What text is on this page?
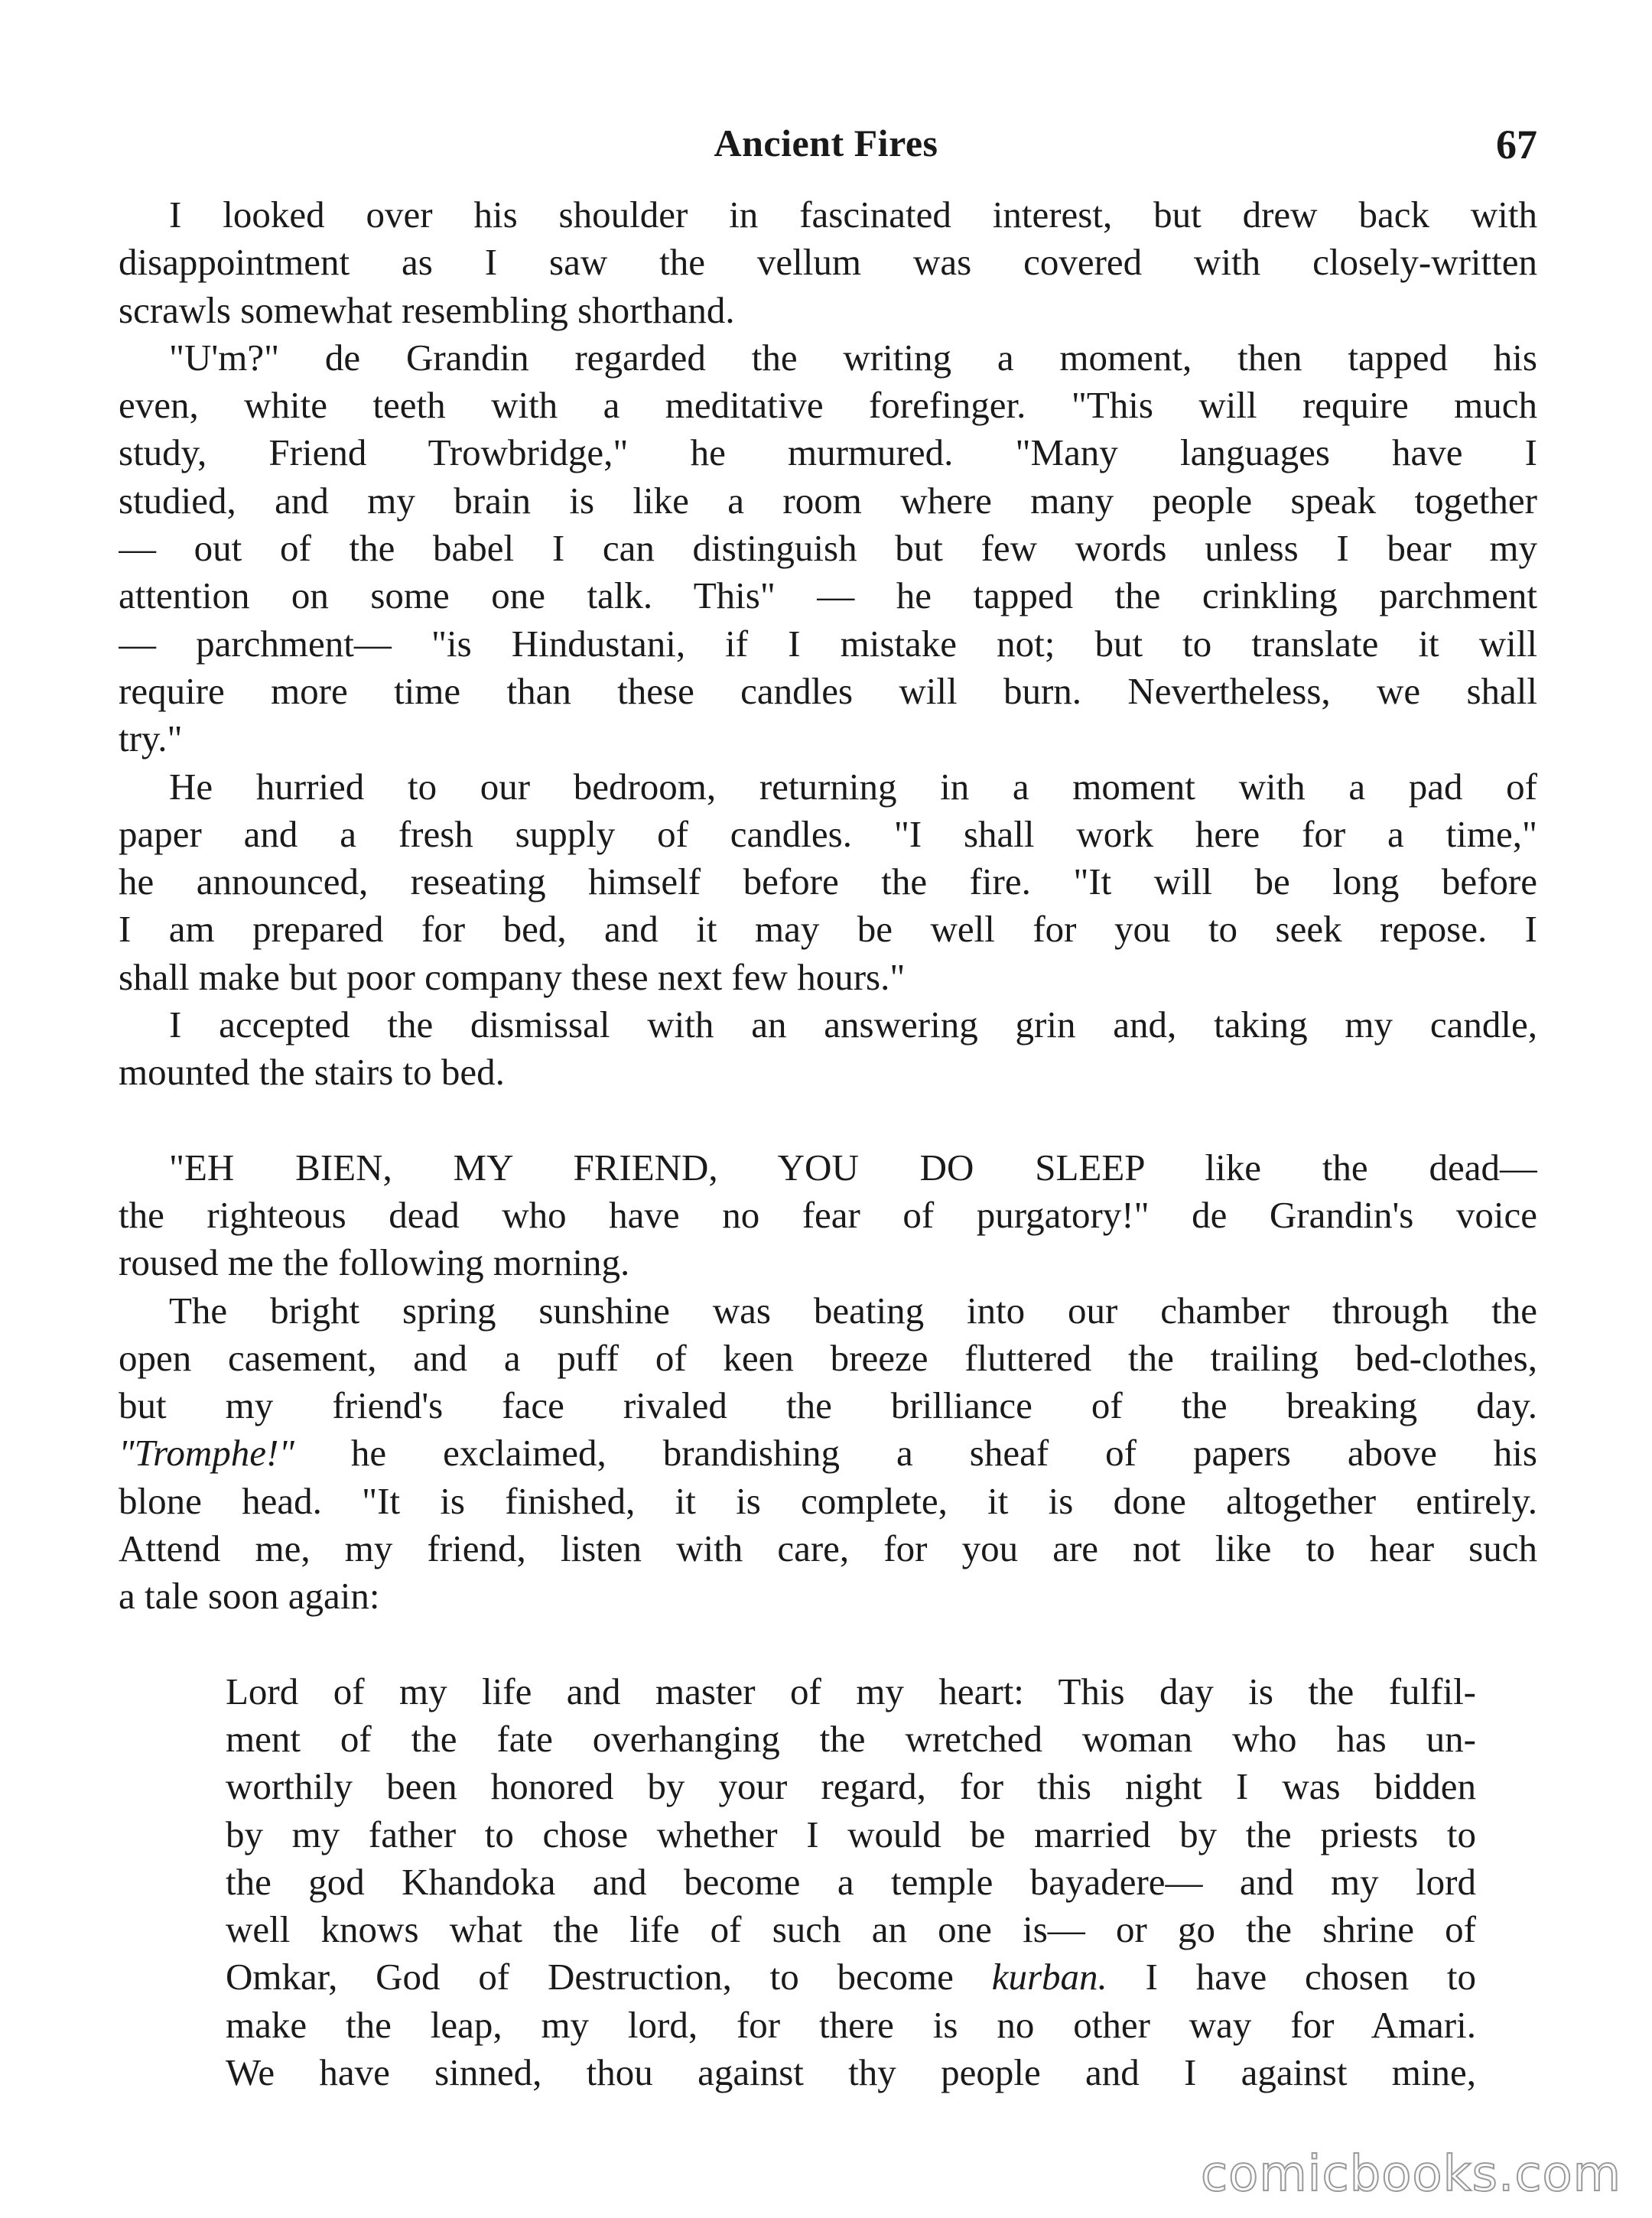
Ancient Fires	67
I looked over his shoulder in fascinated interest, but drew back with
disappointment as I saw the vellum was covered with closely-written
scrawls somewhat resembling shorthand.
"U'm?" de Grandin regarded the writing a moment, then tapped his
even, white teeth with a meditative forefinger. "This will require much
study, Friend Trowbridge," he murmured. "Many languages have I
studied, and my brain is like a room where many people speak together
— out of the babel I can distinguish but few words unless I bear my
attention on some one talk. This" — he tapped the crinkling parchment
— parchment— "is Hindustani, if I mistake not; but to translate it will
require more time than these candles will burn. Nevertheless, we shall
try."
He hurried to our bedroom, returning in a moment with a pad of
paper and a fresh supply of candles. "I shall work here for a time,"
he announced, reseating himself before the fire. "It will be long before
I am prepared for bed, and it may be well for you to seek repose. I
shall make but poor company these next few hours."
I accepted the dismissal with an answering grin and, taking my candle,
mounted the stairs to bed.
"EH BIEN, MY FRIEND, YOU DO SLEEP like the dead—
the righteous dead who have no fear of purgatory!" de Grandin's voice
roused me the following morning.
The bright spring sunshine was beating into our chamber through the
open casement, and a puff of keen breeze fluttered the trailing bed-clothes,
but my friend's face rivaled the brilliance of the breaking day.
"Tromphe!" he exclaimed, brandishing a sheaf of papers above his
blone head. "It is finished, it is complete, it is done altogether entirely.
Attend me, my friend, listen with care, for you are not like to hear such
a tale soon again:
Lord of my life and master of my heart: This day is the fulfil-
ment of the fate overhanging the wretched woman who has un-
worthily been honored by your regard, for this night I was bidden
by my father to chose whether I would be married by the priests to
the god Khandoka and become a temple bayadere— and my lord
well knows what the life of such an one is— or go the shrine of
Omkar, God of Destruction, to become kurban. I have chosen to
make the leap, my lord, for there is no other way for Amari.
We have sinned, thou against thy people and I against mine,
comicbooks.com
